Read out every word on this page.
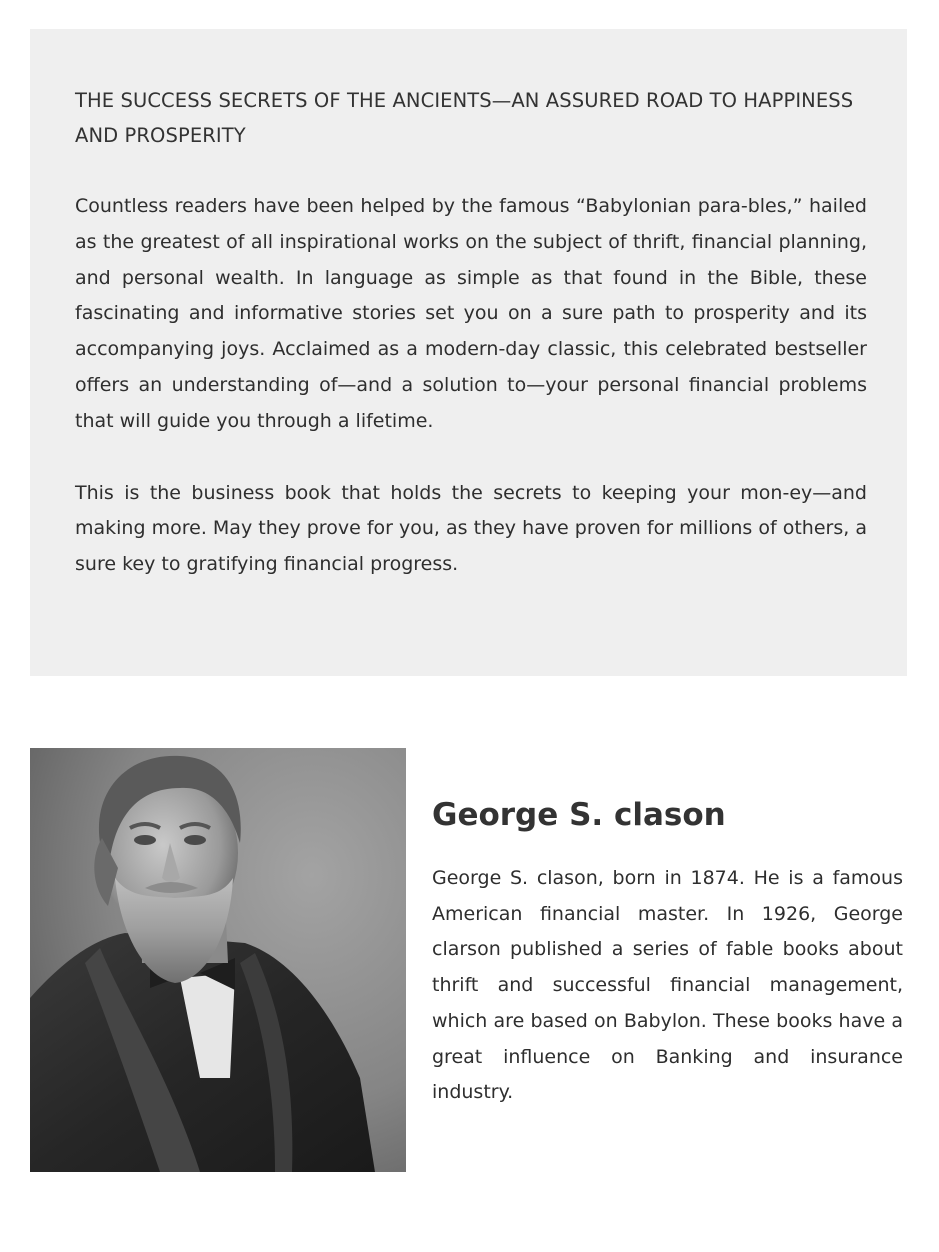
THE SUCCESS SECRETS OF THE ANCIENTS—AN ASSURED ROAD TO HAPPINESS AND PROSPERITY

Countless readers have been helped by the famous “Babylonian para-bles,” hailed as the greatest of all inspirational works on the subject of thrift, financial planning, and personal wealth. In language as simple as that found in the Bible, these fascinating and informative stories set you on a sure path to prosperity and its accompanying joys. Acclaimed as a modern-day classic, this celebrated bestseller offers an understanding of—and a solution to—your personal financial problems that will guide you through a lifetime.

This is the business book that holds the secrets to keeping your mon-ey—and making more. May they prove for you, as they have proven for millions of others, a sure key to gratifying financial progress.

George S. clason

George S. clason, born in 1874. He is a famous American financial master. In 1926, George clarson published a series of fable books about thrift and successful financial management, which are based on Babylon. These books have a great influence on Banking and insurance industry.
